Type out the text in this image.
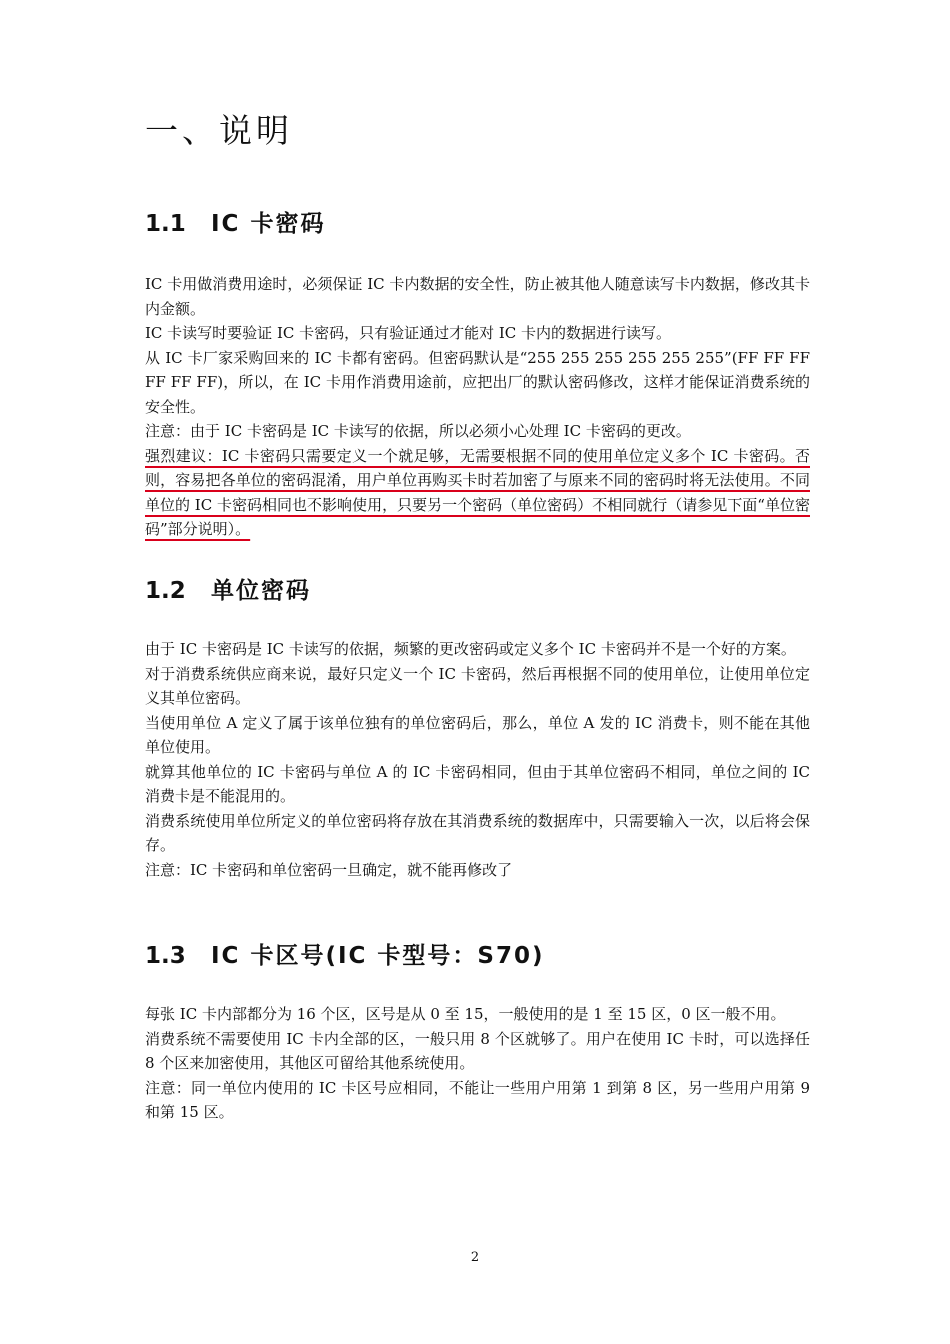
一、说明
1.1 IC 卡密码

IC 卡用做消费用途时，必须保证 IC 卡内数据的安全性，防止被其他人随意读写卡内数据，修改其卡内金额。

IC 卡读写时要验证 IC 卡密码，只有验证通过才能对 IC 卡内的数据进行读写。

从 IC 卡厂家采购回来的 IC 卡都有密码。但密码默认是“255 255 255 255 255 255”(FF FF FF FF FF FF)，所以，在 IC 卡用作消费用途前，应把出厂的默认密码修改，这样才能保证消费系统的安全性。

注意：由于 IC 卡密码是 IC 卡读写的依据，所以必须小心处理 IC 卡密码的更改。

强烈建议：IC 卡密码只需要定义一个就足够，无需要根据不同的使用单位定义多个 IC 卡密码。否则，容易把各单位的密码混淆，用户单位再购买卡时若加密了与原来不同的密码时将无法使用。不同单位的 IC 卡密码相同也不影响使用，只要另一个密码（单位密码）不相同就行（请参见下面“单位密码”部分说明）。

1.2 单位密码

由于 IC 卡密码是 IC 卡读写的依据，频繁的更改密码或定义多个 IC 卡密码并不是一个好的方案。

对于消费系统供应商来说，最好只定义一个 IC 卡密码，然后再根据不同的使用单位，让使用单位定义其单位密码。

当使用单位 A 定义了属于该单位独有的单位密码后，那么，单位 A 发的 IC 消费卡，则不能在其他单位使用。

就算其他单位的 IC 卡密码与单位 A 的 IC 卡密码相同，但由于其单位密码不相同，单位之间的 IC 消费卡是不能混用的。

消费系统使用单位所定义的单位密码将存放在其消费系统的数据库中，只需要输入一次，以后将会保存。

注意：IC 卡密码和单位密码一旦确定，就不能再修改了

1.3 IC 卡区号(IC 卡型号：S70)

每张 IC 卡内部都分为 16 个区，区号是从 0 至 15，一般使用的是 1 至 15 区，0 区一般不用。

消费系统不需要使用 IC 卡内全部的区，一般只用 8 个区就够了。用户在使用 IC 卡时，可以选择任 8 个区来加密使用，其他区可留给其他系统使用。

注意：同一单位内使用的 IC 卡区号应相同，不能让一些用户用第 1 到第 8 区，另一些用户用第 9 和第 15 区。

2
